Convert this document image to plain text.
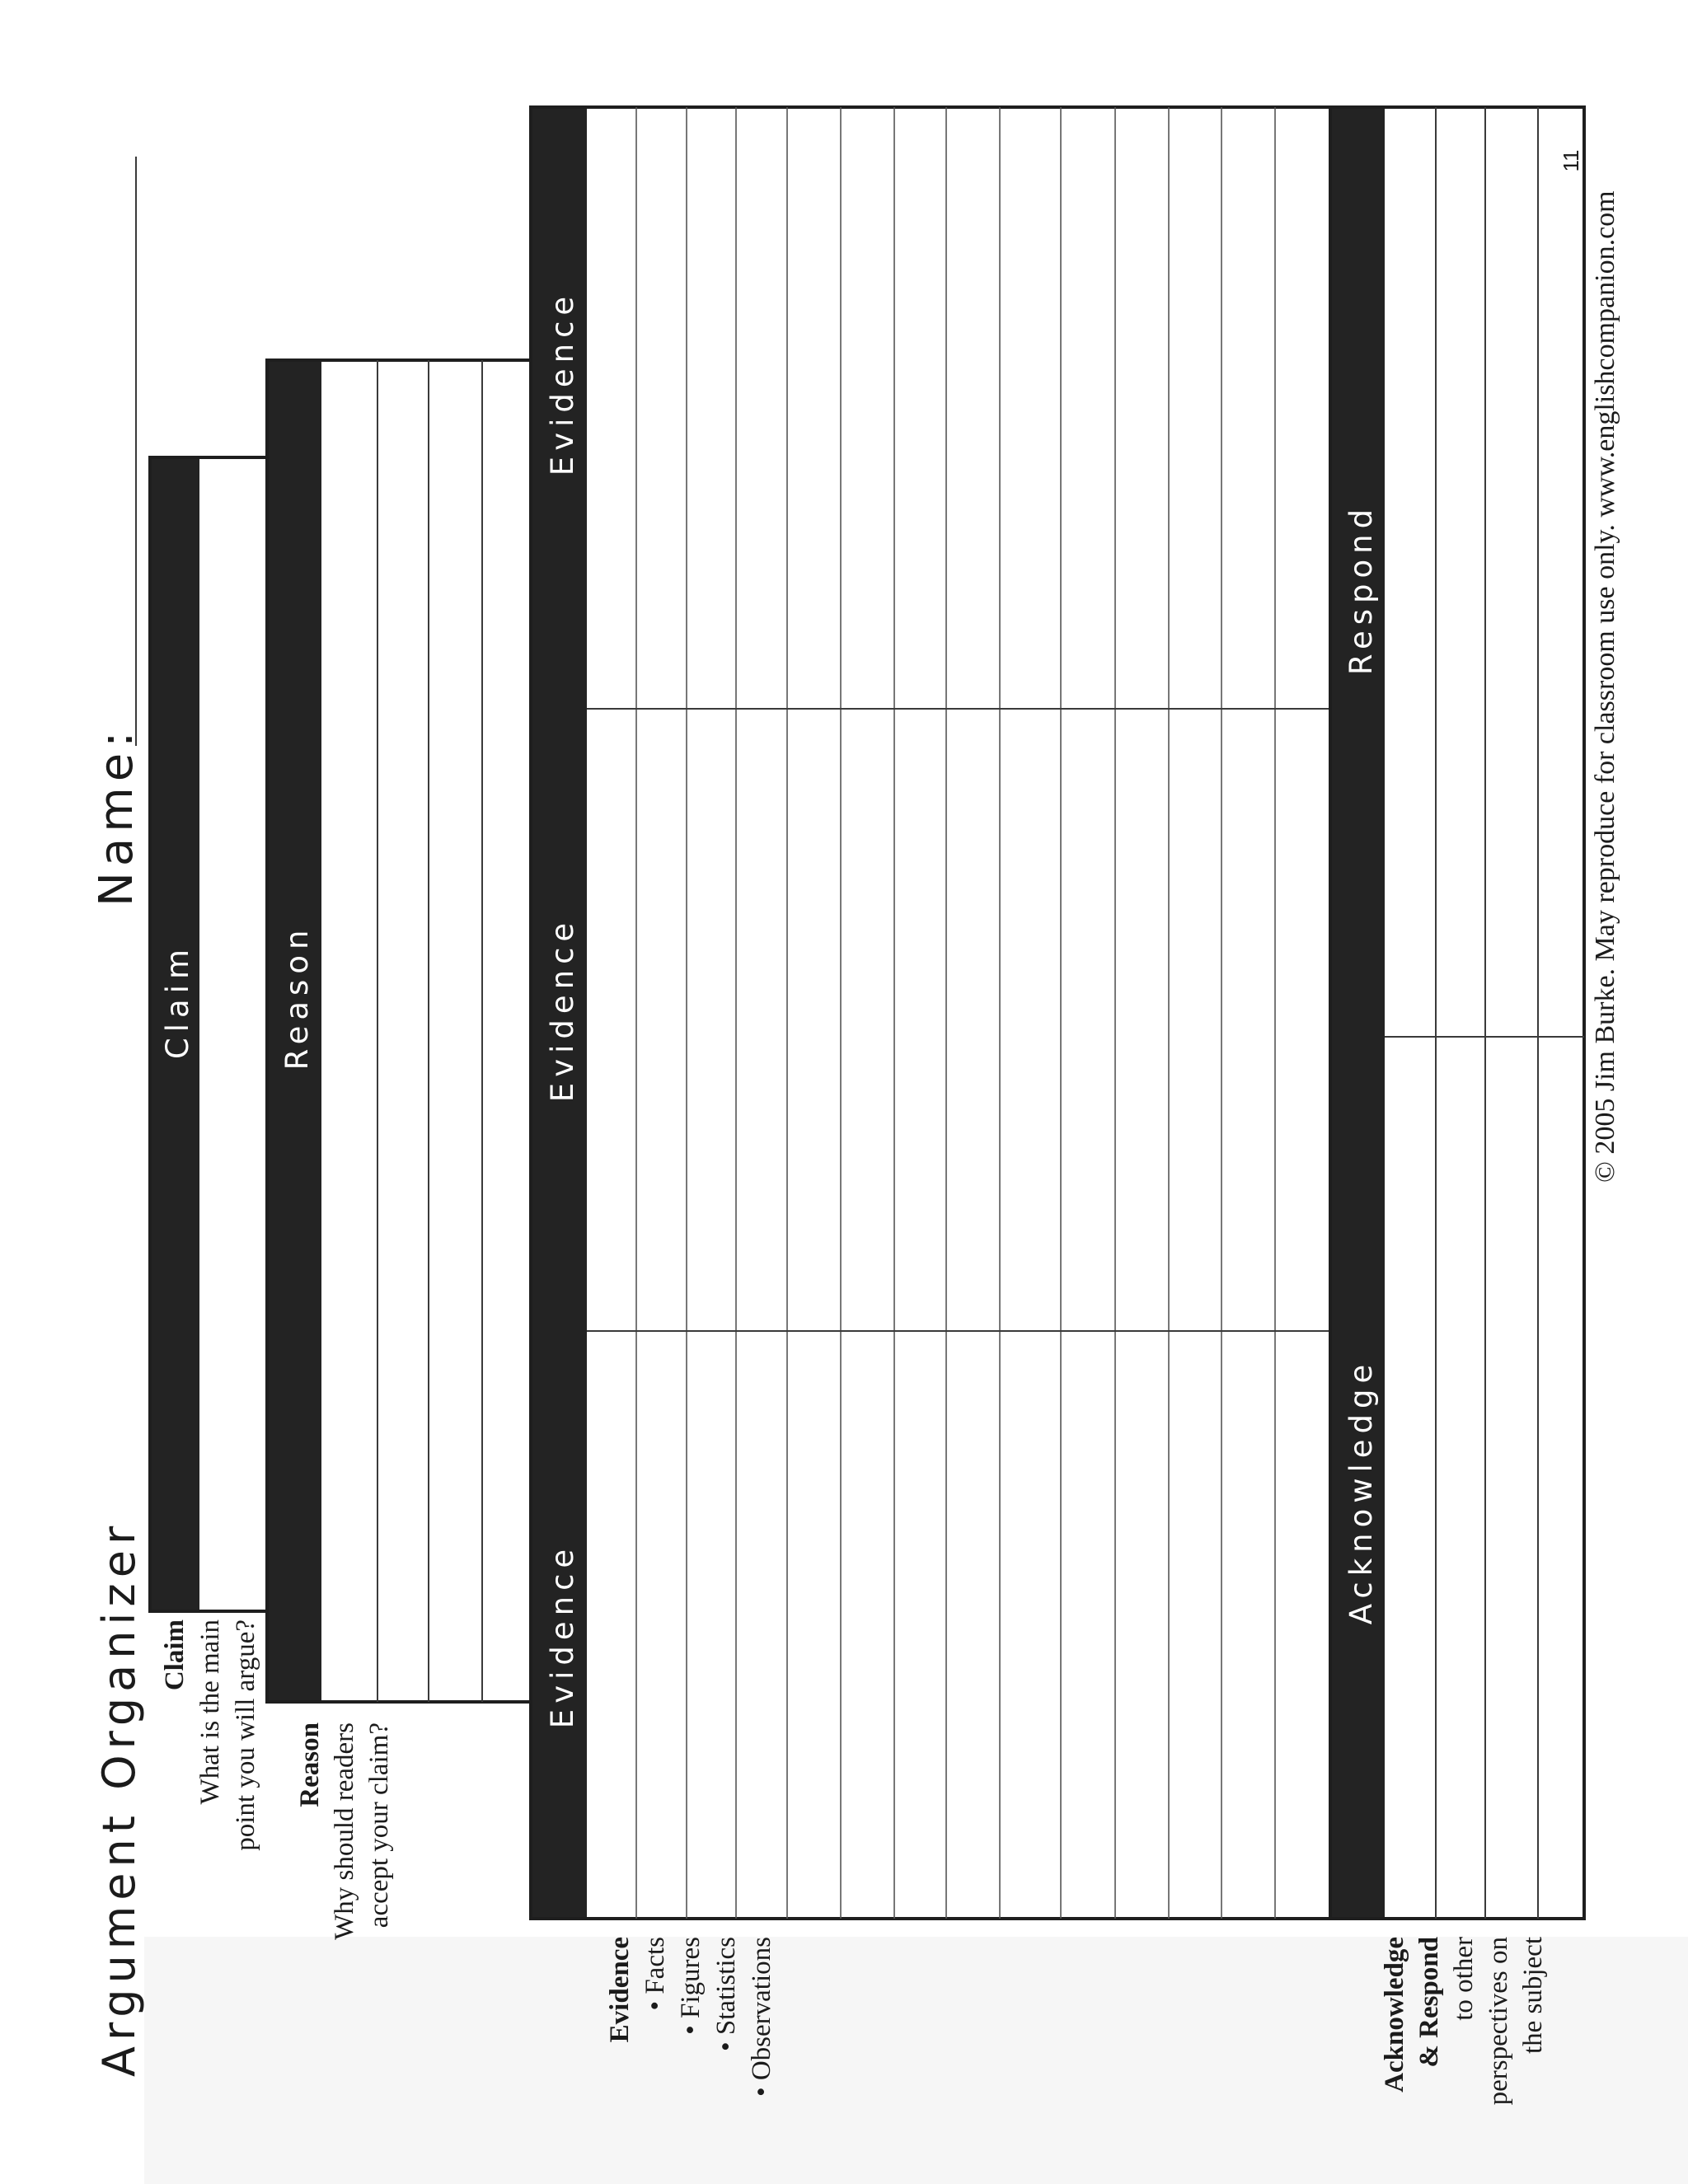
Argument Organizer
Name:
Claim	Reason
Evidence
Evidence
Evidence
Acknowledge
Respond
Claim What is the main point you will argue? Reason Why should readers accept your claim?
Evidence • Facts • Figures • Statistics • Observations	Acknowledge & Respond to other perspectives on the subject
© 2005 Jim Burke. May reproduce for classroom use only. www.englishcompanion.com
11
